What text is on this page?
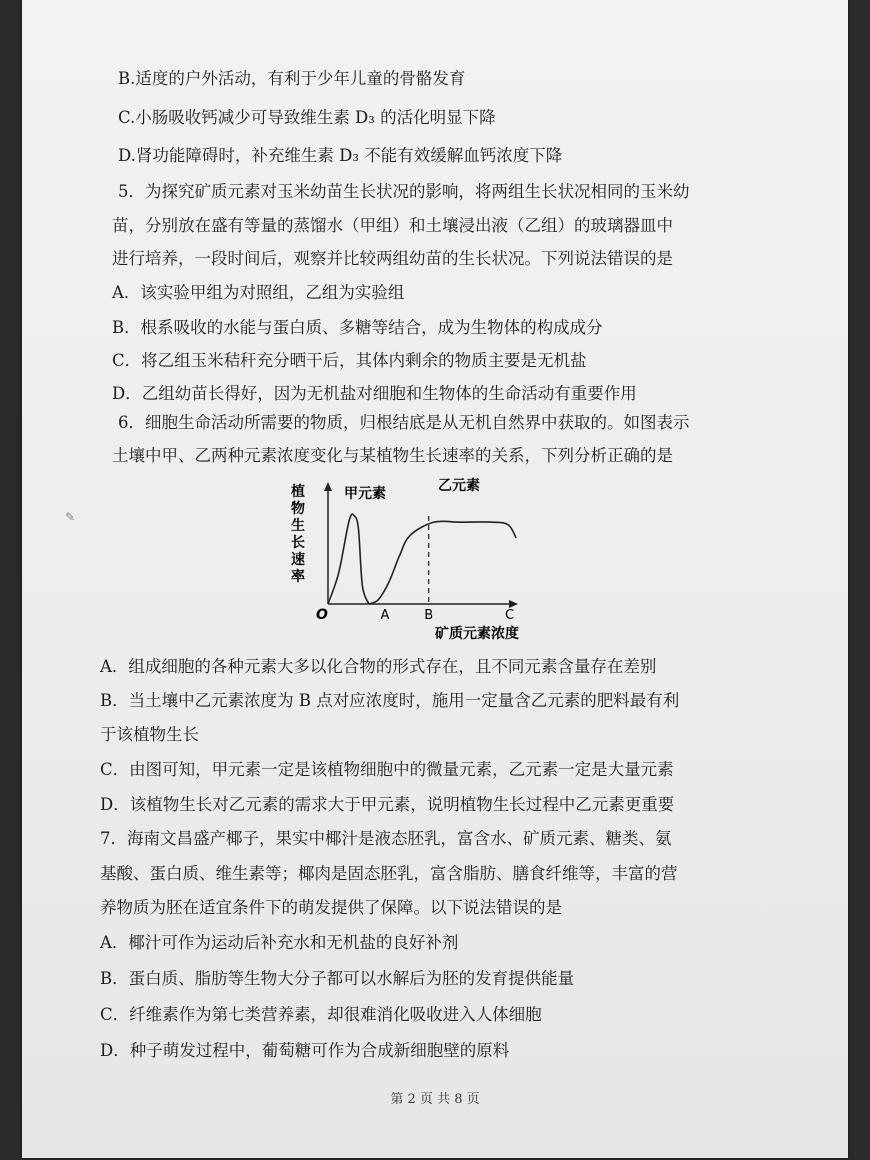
B.适度的户外活动，有利于少年儿童的骨骼发育
C.小肠吸收钙减少可导致维生素 D₃ 的活化明显下降
D.肾功能障碍时，补充维生素 D₃ 不能有效缓解血钙浓度下降
5．为探究矿质元素对玉米幼苗生长状况的影响，将两组生长状况相同的玉米幼
苗，分别放在盛有等量的蒸馏水（甲组）和土壤浸出液（乙组）的玻璃器皿中
进行培养，一段时间后，观察并比较两组幼苗的生长状况。下列说法错误的是
A．该实验甲组为对照组，乙组为实验组
B．根系吸收的水能与蛋白质、多糖等结合，成为生物体的构成成分
C．将乙组玉米秸秆充分晒干后，其体内剩余的物质主要是无机盐
D．乙组幼苗长得好，因为无机盐对细胞和生物体的生命活动有重要作用
6．细胞生命活动所需要的物质，归根结底是从无机自然界中获取的。如图表示
土壤中甲、乙两种元素浓度变化与某植物生长速率的关系，下列分析正确的是
植物生长速率
甲元素	乙元素
O	A	B	C
矿质元素浓度
A．组成细胞的各种元素大多以化合物的形式存在，且不同元素含量存在差别
B．当土壤中乙元素浓度为 B 点对应浓度时，施用一定量含乙元素的肥料最有利
于该植物生长
C．由图可知，甲元素一定是该植物细胞中的微量元素，乙元素一定是大量元素
D．该植物生长对乙元素的需求大于甲元素，说明植物生长过程中乙元素更重要
7．海南文昌盛产椰子，果实中椰汁是液态胚乳，富含水、矿质元素、糖类、氨
基酸、蛋白质、维生素等；椰肉是固态胚乳，富含脂肪、膳食纤维等，丰富的营
养物质为胚在适宜条件下的萌发提供了保障。以下说法错误的是
A．椰汁可作为运动后补充水和无机盐的良好补剂
B．蛋白质、脂肪等生物大分子都可以水解后为胚的发育提供能量
C．纤维素作为第七类营养素，却很难消化吸收进入人体细胞
D．种子萌发过程中，葡萄糖可作为合成新细胞壁的原料
✎
第 2 页 共 8 页
